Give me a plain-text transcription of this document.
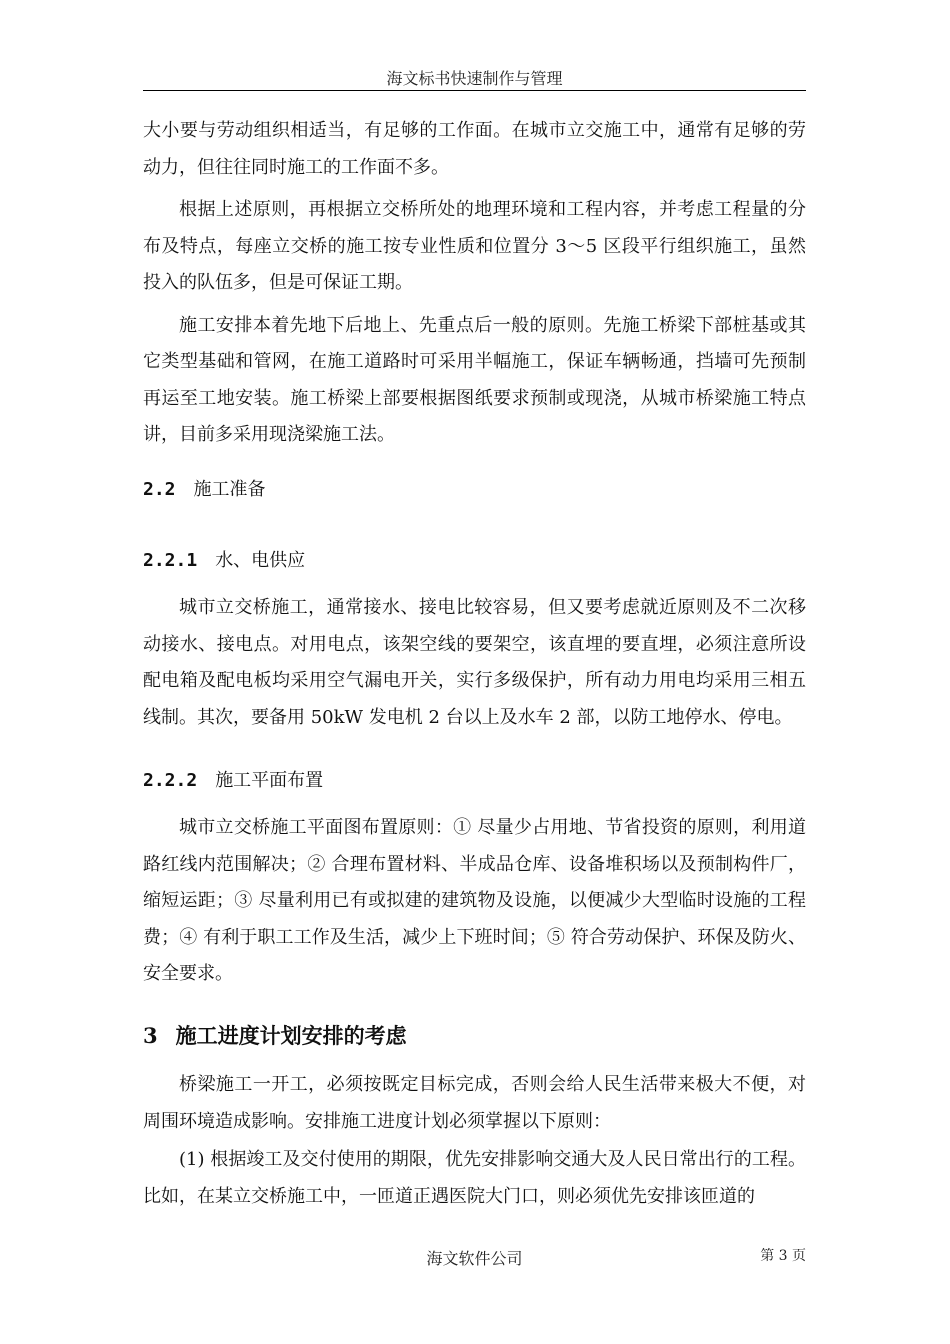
海文标书快速制作与管理

大小要与劳动组织相适当，有足够的工作面。在城市立交施工中，通常有足够的劳动力，但往往同时施工的工作面不多。

根据上述原则，再根据立交桥所处的地理环境和工程内容，并考虑工程量的分布及特点，每座立交桥的施工按专业性质和位置分 3～5 区段平行组织施工，虽然投入的队伍多，但是可保证工期。

施工安排本着先地下后地上、先重点后一般的原则。先施工桥梁下部桩基或其它类型基础和管网，在施工道路时可采用半幅施工，保证车辆畅通，挡墙可先预制再运至工地安装。施工桥梁上部要根据图纸要求预制或现浇，从城市桥梁施工特点讲，目前多采用现浇梁施工法。

2.2 施工准备
2.2.1 水、电供应

城市立交桥施工，通常接水、接电比较容易，但又要考虑就近原则及不二次移动接水、接电点。对用电点，该架空线的要架空，该直埋的要直埋，必须注意所设配电箱及配电板均采用空气漏电开关，实行多级保护，所有动力用电均采用三相五线制。其次，要备用 50kW 发电机 2 台以上及水车 2 部，以防工地停水、停电。

2.2.2 施工平面布置

城市立交桥施工平面图布置原则：① 尽量少占用地、节省投资的原则，利用道路红线内范围解决；② 合理布置材料、半成品仓库、设备堆积场以及预制构件厂，缩短运距；③ 尽量利用已有或拟建的建筑物及设施，以便减少大型临时设施的工程费；④ 有利于职工工作及生活，减少上下班时间；⑤ 符合劳动保护、环保及防火、安全要求。

3 施工进度计划安排的考虑

桥梁施工一开工，必须按既定目标完成，否则会给人民生活带来极大不便，对周围环境造成影响。安排施工进度计划必须掌握以下原则：

(1) 根据竣工及交付使用的期限，优先安排影响交通大及人民日常出行的工程。比如，在某立交桥施工中，一匝道正遇医院大门口，则必须优先安排该匝道的

海文软件公司	第 3 页
